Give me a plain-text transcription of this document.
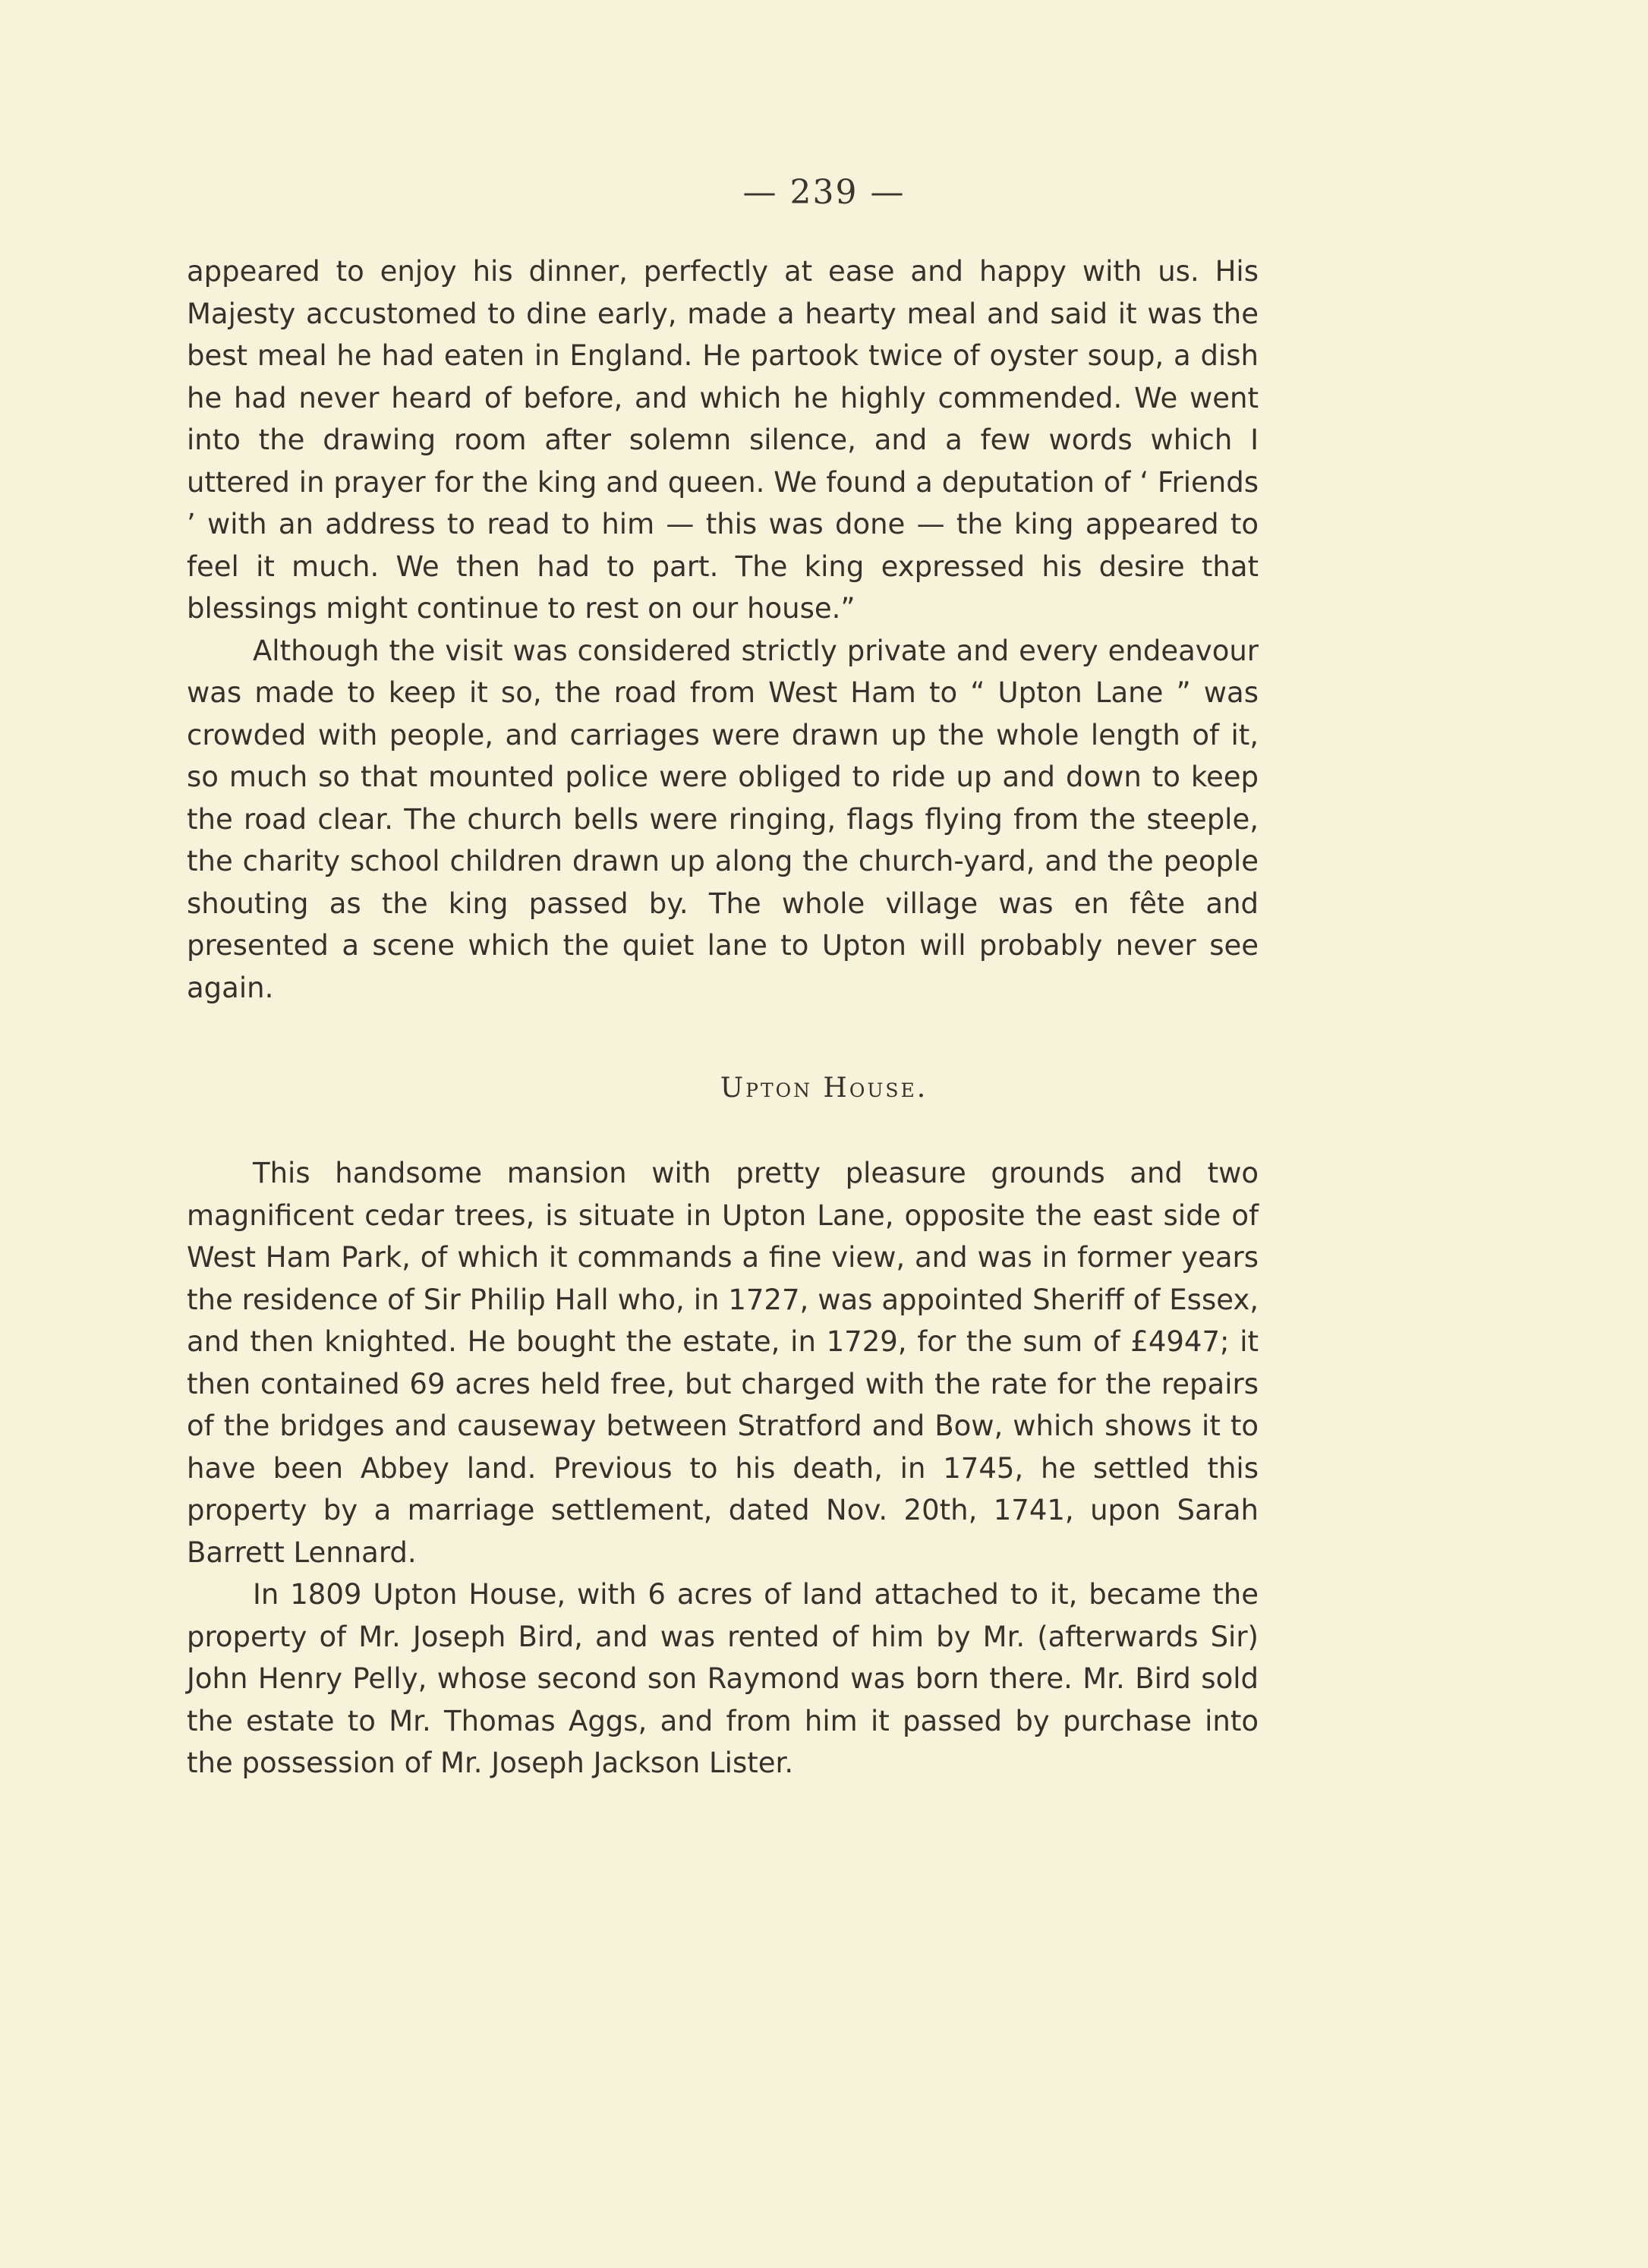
— 239 —

appeared to enjoy his dinner, perfectly at ease and happy with us. His Majesty accustomed to dine early, made a hearty meal and said it was the best meal he had eaten in England. He partook twice of oyster soup, a dish he had never heard of before, and which he highly commended. We went into the drawing room after solemn silence, and a few words which I uttered in prayer for the king and queen. We found a deputation of ‘ Friends ’ with an address to read to him — this was done — the king appeared to feel it much. We then had to part. The king expressed his desire that blessings might continue to rest on our house.”

Although the visit was considered strictly private and every endeavour was made to keep it so, the road from West Ham to “ Upton Lane ” was crowded with people, and carriages were drawn up the whole length of it, so much so that mounted police were obliged to ride up and down to keep the road clear. The church bells were ringing, flags flying from the steeple, the charity school children drawn up along the church-yard, and the people shouting as the king passed by. The whole village was en fête and presented a scene which the quiet lane to Upton will probably never see again.

Upton House.

This handsome mansion with pretty pleasure grounds and two magnificent cedar trees, is situate in Upton Lane, opposite the east side of West Ham Park, of which it commands a fine view, and was in former years the residence of Sir Philip Hall who, in 1727, was appointed Sheriff of Essex, and then knighted. He bought the estate, in 1729, for the sum of £4947; it then contained 69 acres held free, but charged with the rate for the repairs of the bridges and causeway between Stratford and Bow, which shows it to have been Abbey land. Previous to his death, in 1745, he settled this property by a marriage settlement, dated Nov. 20th, 1741, upon Sarah Barrett Lennard.

In 1809 Upton House, with 6 acres of land attached to it, became the property of Mr. Joseph Bird, and was rented of him by Mr. (afterwards Sir) John Henry Pelly, whose second son Raymond was born there. Mr. Bird sold the estate to Mr. Thomas Aggs, and from him it passed by purchase into the possession of Mr. Joseph Jackson Lister.
